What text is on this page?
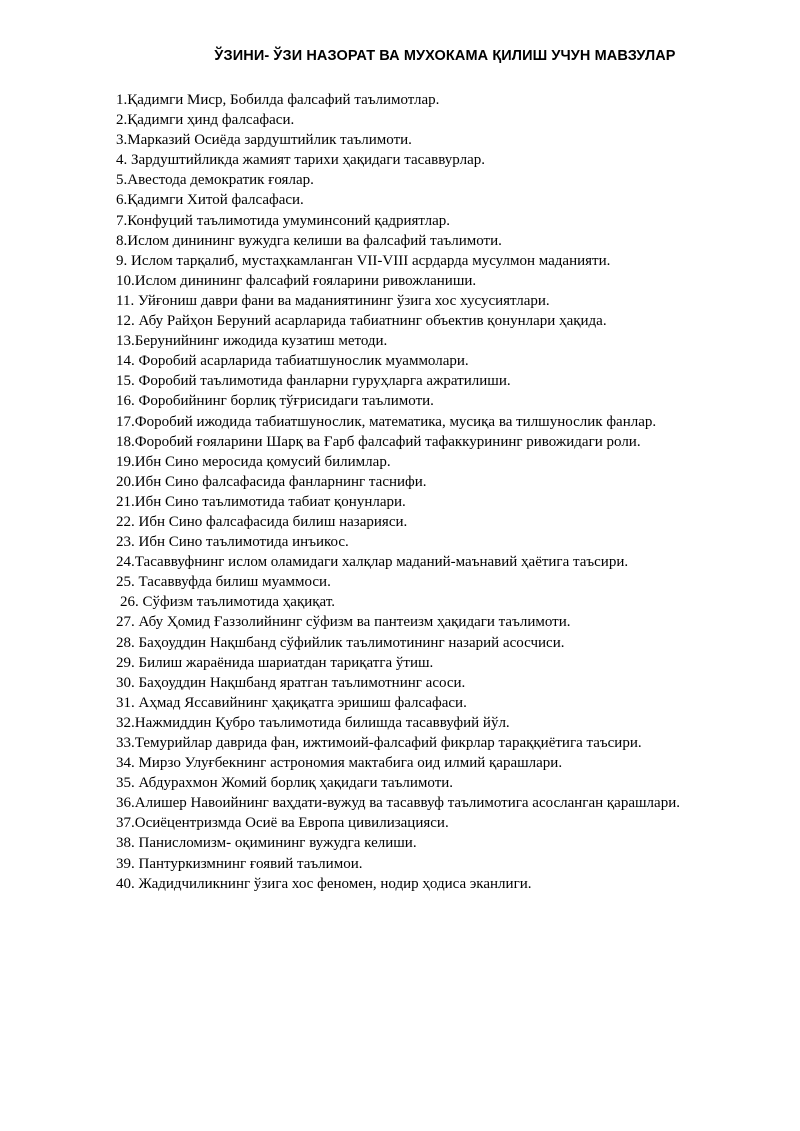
ЎЗИНИ- ЎЗИ НАЗОРАТ ВА МУХОКАМА ҚИЛИШ УЧУН МАВЗУЛАР
1.Қадимги Миср, Бобилда фалсафий таълимотлар.
2.Қадимги ҳинд фалсафаси.
3.Марказий Осиёда зардуштийлик таълимоти.
4. Зардуштийликда жамият тарихи ҳақидаги тасаввурлар.
5.Авестода демократик ғоялар.
6.Қадимги Хитой фалсафаси.
7.Конфуций таълимотида умуминсоний қадриятлар.
8.Ислом динининг вужудга келиши ва фалсафий таълимоти.
9. Ислом тарқалиб, мустаҳкамланган VII-VIII асрдарда мусулмон маданияти.
10.Ислом динининг фалсафий ғояларини ривожланиши.
11. Уйғониш даври фани ва маданиятининг ўзига хос хусусиятлари.
12. Абу Райҳон Беруний асарларида табиатнинг объектив қонунлари ҳақида.
13.Берунийнинг ижодида кузатиш методи.
14. Форобий асарларида табиатшунослик муаммолари.
15. Форобий таълимотида фанларни гуруҳларга ажратилиши.
16. Форобийнинг борлиқ тўғрисидаги таълимоти.
17.Форобий ижодида табиатшунослик, математика, мусиқа ва тилшунослик фанлар.
18.Форобий ғояларини Шарқ ва Ғарб фалсафий тафаккурининг ривожидаги роли.
19.Ибн Сино меросида қомусий билимлар.
20.Ибн Сино фалсафасида фанларнинг таснифи.
21.Ибн Сино таълимотида табиат қонунлари.
22. Ибн Сино фалсафасида билиш назарияси.
23. Ибн Сино таълимотида инъикос.
24.Тасаввуфнинг ислом оламидаги халқлар маданий-маънавий ҳаётига таъсири.
25. Тасаввуфда билиш муаммоси.
26. Сўфизм таълимотида ҳақиқат.
27. Абу Ҳомид Ғаззолийнинг сўфизм ва пантеизм ҳақидаги таълимоти.
28. Баҳоуддин Нақшбанд сўфийлик таълимотининг назарий асосчиси.
29. Билиш жараёнида шариатдан тариқатга ўтиш.
30. Баҳоуддин Нақшбанд яратган таълимотнинг асоси.
31. Аҳмад Яссавийнинг ҳақиқатга эришиш фалсафаси.
32.Нажмиддин Қубро таълимотида билишда тасаввуфий йўл.
33.Темурийлар даврида фан, ижтимоий-фалсафий фикрлар тараққиётига таъсири.
34. Мирзо Улуғбекнинг астрономия мактабига оид илмий қарашлари.
35. Абдурахмон Жомий борлиқ ҳақидаги таълимоти.
36.Алишер Навоийнинг ваҳдати-вужуд ва тасаввуф таълимотига асосланган қарашлари.
37.Осиёцентризмда Осиё ва Европа цивилизацияси.
38. Панисломизм- оқимининг вужудга келиши.
39. Пантуркизмнинг ғоявий таълимои.
40. Жадидчиликнинг ўзига хос феномен, нодир ҳодиса эканлиги.
